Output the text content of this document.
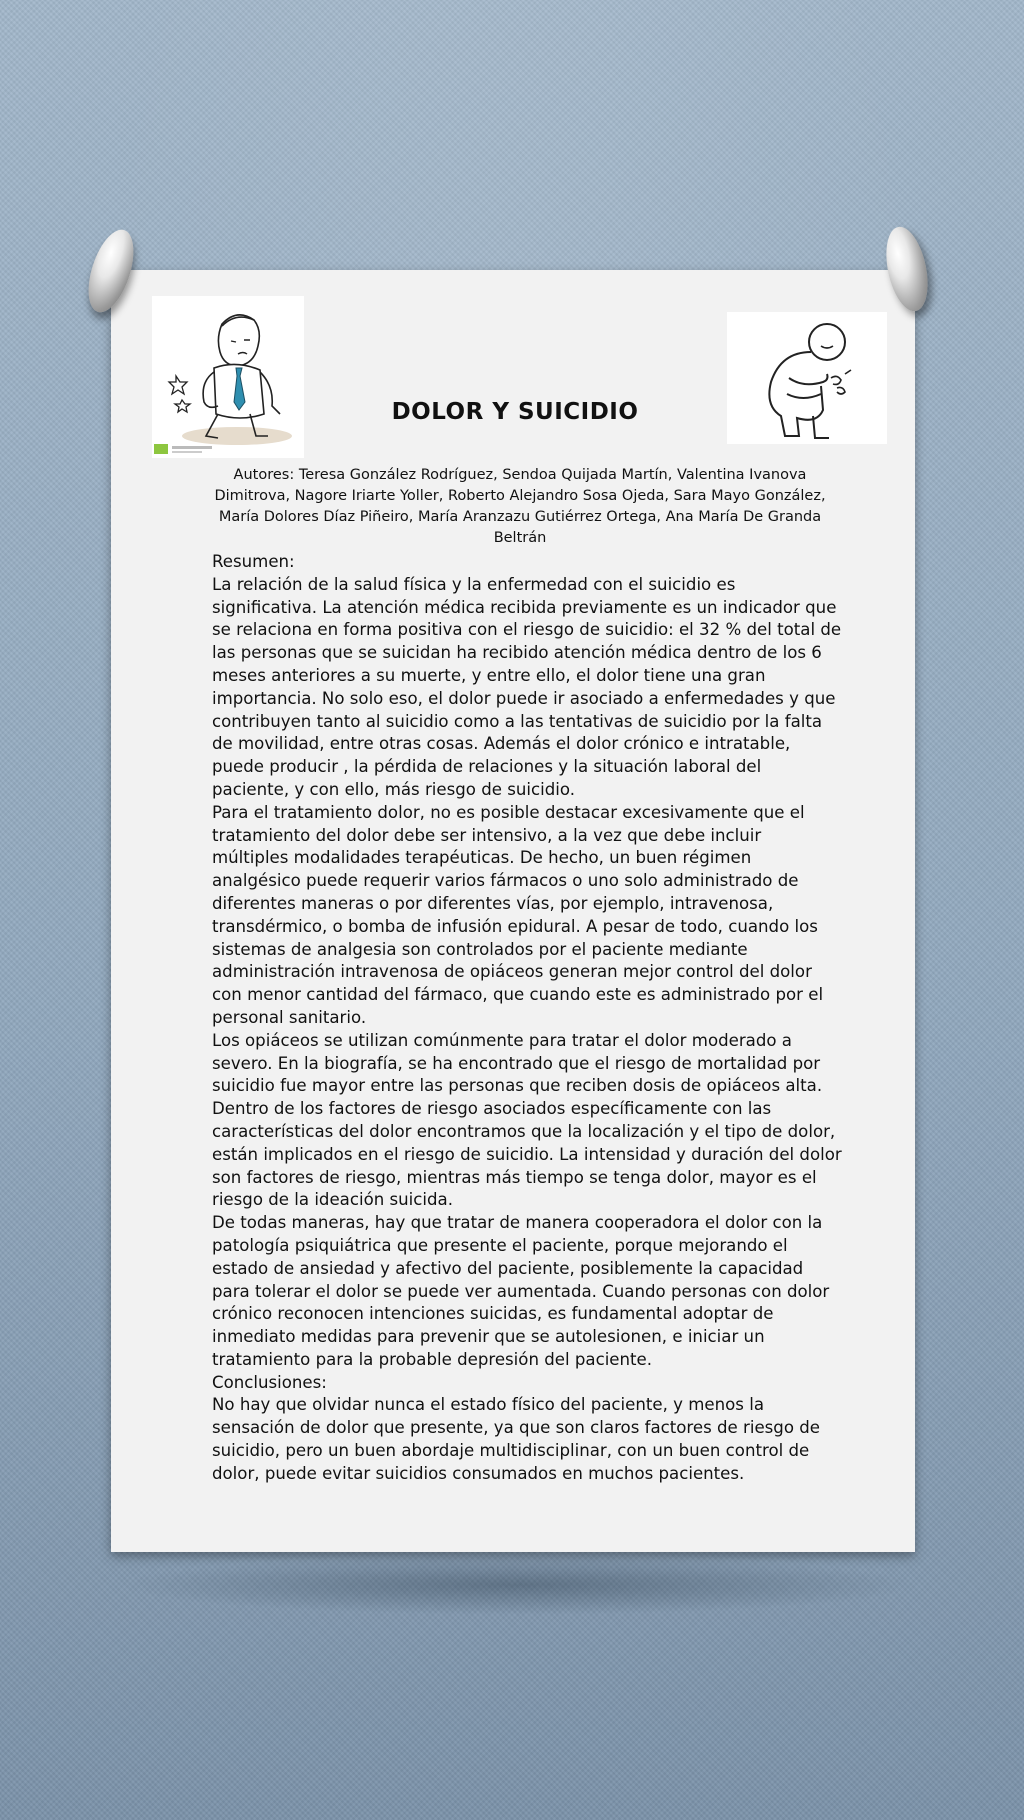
DOLOR Y SUICIDIO
Autores: Teresa González Rodríguez, Sendoa Quijada Martín, Valentina Ivanova Dimitrova, Nagore Iriarte Yoller, Roberto Alejandro Sosa Ojeda, Sara Mayo González, María Dolores Díaz Piñeiro, María Aranzazu Gutiérrez Ortega, Ana María De Granda Beltrán

Resumen:

La relación de la salud física y la enfermedad con el suicidio es significativa. La atención médica recibida previamente es un indicador que se relaciona en forma positiva con el riesgo de suicidio: el 32 % del total de las personas que se suicidan ha recibido atención médica dentro de los 6 meses anteriores a su muerte, y entre ello, el dolor tiene una gran importancia. No solo eso, el dolor puede ir asociado a enfermedades y que contribuyen tanto al suicidio como a las tentativas de suicidio por la falta de movilidad, entre otras cosas. Además el dolor crónico e intratable, puede producir , la pérdida de relaciones y la situación laboral del paciente, y con ello, más riesgo de suicidio.

Para el tratamiento dolor, no es posible destacar excesivamente que el tratamiento del dolor debe ser intensivo, a la vez que debe incluir múltiples modalidades terapéuticas. De hecho, un buen régimen analgésico puede requerir varios fármacos o uno solo administrado de diferentes maneras o por diferentes vías, por ejemplo, intravenosa, transdérmico, o bomba de infusión epidural. A pesar de todo, cuando los sistemas de analgesia son controlados por el paciente mediante administración intravenosa de opiáceos generan mejor control del dolor con menor cantidad del fármaco, que cuando este es administrado por el personal sanitario.

Los opiáceos se utilizan comúnmente para tratar el dolor moderado a severo. En la biografía, se ha encontrado que el riesgo de mortalidad por suicidio fue mayor entre las personas que reciben dosis de opiáceos alta. Dentro de los factores de riesgo asociados específicamente con las características del dolor encontramos que la localización y el tipo de dolor, están implicados en el riesgo de suicidio. La intensidad y duración del dolor son factores de riesgo, mientras más tiempo se tenga dolor, mayor es el riesgo de la ideación suicida.

De todas maneras, hay que tratar de manera cooperadora el dolor con la patología psiquiátrica que presente el paciente, porque mejorando el estado de ansiedad y afectivo del paciente, posiblemente la capacidad para tolerar el dolor se puede ver aumentada. Cuando personas con dolor crónico reconocen intenciones suicidas, es fundamental adoptar de inmediato medidas para prevenir que se autolesionen, e iniciar un tratamiento para la probable depresión del paciente.

Conclusiones:

No hay que olvidar nunca el estado físico del paciente, y menos la sensación de dolor que presente, ya que son claros factores de riesgo de suicidio, pero un buen abordaje multidisciplinar, con un buen control de dolor, puede evitar suicidios consumados en muchos pacientes.
